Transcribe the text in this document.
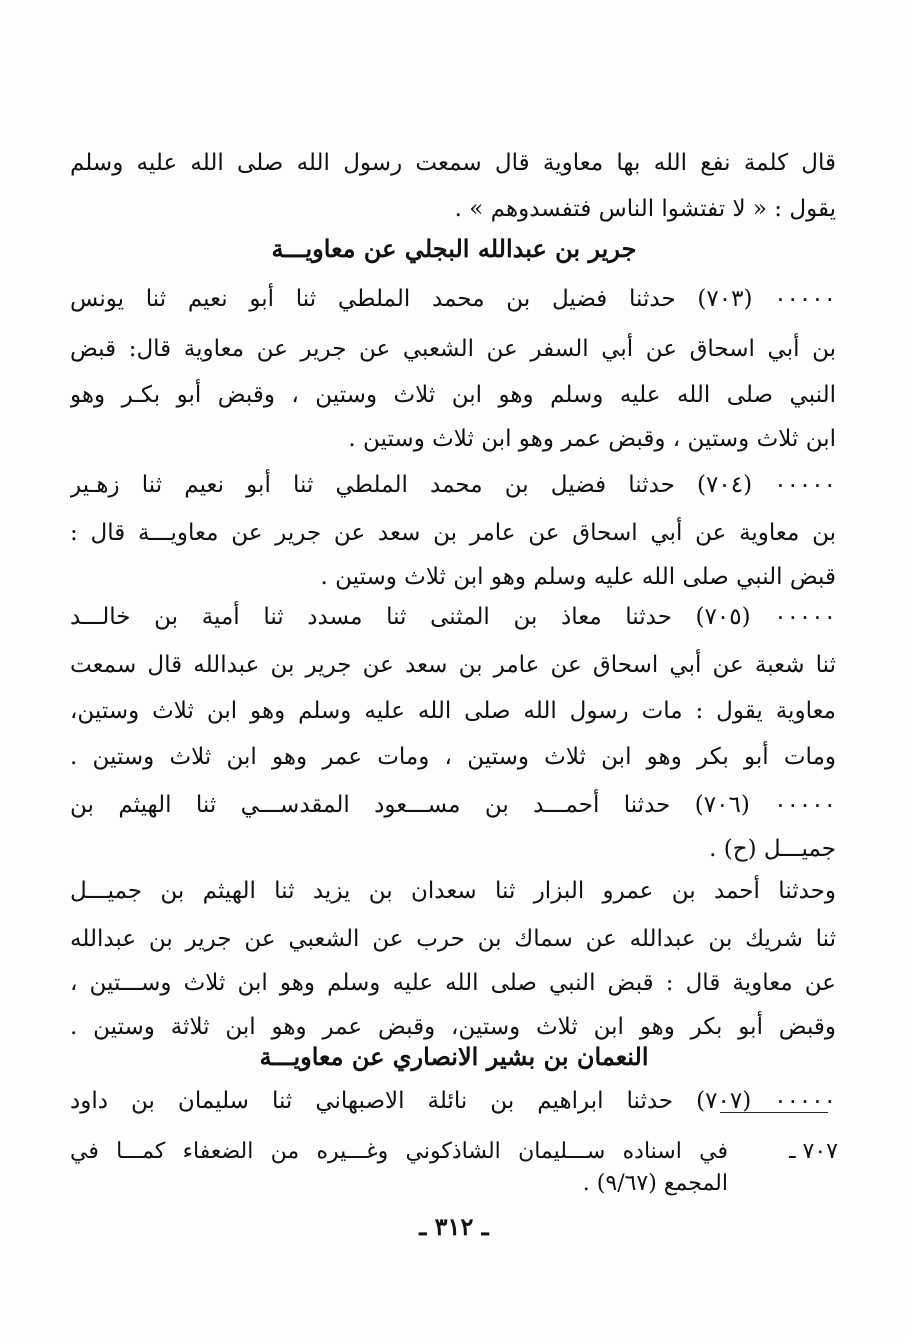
قال كلمة نفع الله بها معاوية قال سمعت رسول الله صلى الله عليه وسلم
يقول : « لا تفتشوا الناس فتفسدوهم » .
جرير بن عبدالله البجلي عن معاويـــة
٠٠٠٠٠ (٧٠٣) حدثنا فضيل بن محمد الملطي ثنا أبو نعيم ثنا يونس
بن أبي اسحاق عن أبي السفر عن الشعبي عن جرير عن معاوية قال: قبض
النبي صلى الله عليه وسلم وهو ابن ثلاث وستين ، وقبض أبو بكـر وهو
ابن ثلاث وستين ، وقبض عمر وهو ابن ثلاث وستين .
٠٠٠٠٠ (٧٠٤) حدثنا فضيل بن محمد الملطي ثنا أبو نعيم ثنا زهـير
بن معاوية عن أبي اسحاق عن عامر بن سعد عن جرير عن معاويـــة قال :
قبض النبي صلى الله عليه وسلم وهو ابن ثلاث وستين .
٠٠٠٠٠ (٧٠٥) حدثنا معاذ بن المثنى ثنا مسدد ثنا أمية بن خالـــد
ثنا شعبة عن أبي اسحاق عن عامر بن سعد عن جرير بن عبدالله قال سمعت
معاوية يقول : مات رسول الله صلى الله عليه وسلم وهو ابن ثلاث وستين،
ومات أبو بكر وهو ابن ثلاث وستين ، ومات عمر وهو ابن ثلاث وستين .
٠٠٠٠٠ (٧٠٦) حدثنا أحمـــد بن مســـعود المقدســـي ثنا الهيثم بن
جميـــل (ح) .
وحدثنا أحمد بن عمرو البزار ثنا سعدان بن يزيد ثنا الهيثم بن جميـــل
ثنا شريك بن عبدالله عن سماك بن حرب عن الشعبي عن جرير بن عبدالله
عن معاوية قال : قبض النبي صلى الله عليه وسلم وهو ابن ثلاث وســـتين ،
وقبض أبو بكر وهو ابن ثلاث وستين، وقبض عمر وهو ابن ثلاثة وستين .
النعمان بن بشير الانصاري عن معاويـــة
٠٠٠٠٠ (٧٠٧) حدثنا ابراهيم بن نائلة الاصبهاني ثنا سليمان بن داود
٧٠٧ ـ
في اسناده ســـليمان الشاذكوني وغـــيره من الضعفاء كمـــا في
المجمع (٩/٦٧) .
ـ ٣١٢ ـ
